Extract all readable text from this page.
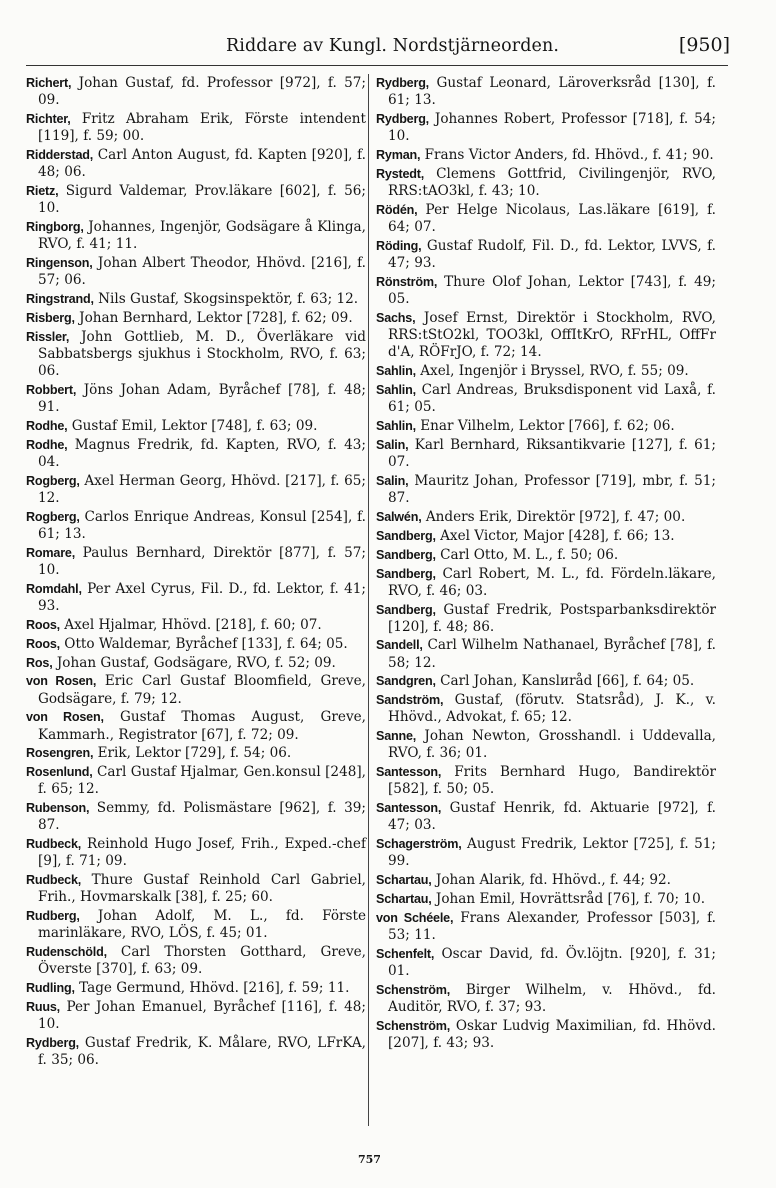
Riddare av Kungl. Nordstjärneorden.	[950]

Richert, Johan Gustaf, fd. Professor [972], f. 57; 09.

Richter, Fritz Abraham Erik, Förste intendent [119], f. 59; 00.

Ridderstad, Carl Anton August, fd. Kapten [920], f. 48; 06.

Rietz, Sigurd Valdemar, Prov.läkare [602], f. 56; 10.

Ringborg, Johannes, Ingenjör, Godsägare å Klinga, RVO, f. 41; 11.

Ringenson, Johan Albert Theodor, Hhövd. [216], f. 57; 06.

Ringstrand, Nils Gustaf, Skogsinspektör, f. 63; 12.

Risberg, Johan Bernhard, Lektor [728], f. 62; 09.

Rissler, John Gottlieb, M. D., Överläkare vid Sabbatsbergs sjukhus i Stockholm, RVO, f. 63; 06.

Robbert, Jöns Johan Adam, Byråchef [78], f. 48; 91.

Rodhe, Gustaf Emil, Lektor [748], f. 63; 09.

Rodhe, Magnus Fredrik, fd. Kapten, RVO, f. 43; 04.

Rogberg, Axel Herman Georg, Hhövd. [217], f. 65; 12.

Rogberg, Carlos Enrique Andreas, Konsul [254], f. 61; 13.

Romare, Paulus Bernhard, Direktör [877], f. 57; 10.

Romdahl, Per Axel Cyrus, Fil. D., fd. Lektor, f. 41; 93.

Roos, Axel Hjalmar, Hhövd. [218], f. 60; 07.

Roos, Otto Waldemar, Byråchef [133], f. 64; 05.

Ros, Johan Gustaf, Godsägare, RVO, f. 52; 09.

von Rosen, Eric Carl Gustaf Bloomfield, Greve, Godsägare, f. 79; 12.

von Rosen, Gustaf Thomas August, Greve, Kammarh., Registrator [67], f. 72; 09.

Rosengren, Erik, Lektor [729], f. 54; 06.

Rosenlund, Carl Gustaf Hjalmar, Gen.konsul [248], f. 65; 12.

Rubenson, Semmy, fd. Polismästare [962], f. 39; 87.

Rudbeck, Reinhold Hugo Josef, Frih., Exped.-chef [9], f. 71; 09.

Rudbeck, Thure Gustaf Reinhold Carl Gabriel, Frih., Hovmarskalk [38], f. 25; 60.

Rudberg, Johan Adolf, M. L., fd. Förste marinläkare, RVO, LÖS, f. 45; 01.

Rudenschöld, Carl Thorsten Gotthard, Greve, Överste [370], f. 63; 09.

Rudling, Tage Germund, Hhövd. [216], f. 59; 11.

Ruus, Per Johan Emanuel, Byråchef [116], f. 48; 10.

Rydberg, Gustaf Fredrik, K. Målare, RVO, LFrKA, f. 35; 06.

Rydberg, Gustaf Leonard, Läroverksråd [130], f. 61; 13.

Rydberg, Johannes Robert, Professor [718], f. 54; 10.

Ryman, Frans Victor Anders, fd. Hhövd., f. 41; 90.

Rystedt, Clemens Gottfrid, Civilingenjör, RVO, RRS:tAO3kl, f. 43; 10.

Rödén, Per Helge Nicolaus, Las.läkare [619], f. 64; 07.

Röding, Gustaf Rudolf, Fil. D., fd. Lektor, LVVS, f. 47; 93.

Rönström, Thure Olof Johan, Lektor [743], f. 49; 05.

Sachs, Josef Ernst, Direktör i Stockholm, RVO, RRS:tStO2kl, TOO3kl, OffItKrO, RFrHL, OffFr d'A, RÖFrJO, f. 72; 14.

Sahlin, Axel, Ingenjör i Bryssel, RVO, f. 55; 09.

Sahlin, Carl Andreas, Bruksdisponent vid Laxå, f. 61; 05.

Sahlin, Enar Vilhelm, Lektor [766], f. 62; 06.

Salin, Karl Bernhard, Riksantikvarie [127], f. 61; 07.

Salin, Mauritz Johan, Professor [719], mbr, f. 51; 87.

Salwén, Anders Erik, Direktör [972], f. 47; 00.

Sandberg, Axel Victor, Major [428], f. 66; 13.

Sandberg, Carl Otto, M. L., f. 50; 06.

Sandberg, Carl Robert, M. L., fd. Fördeln.läkare, RVO, f. 46; 03.

Sandberg, Gustaf Fredrik, Postsparbanksdirektör [120], f. 48; 86.

Sandell, Carl Wilhelm Nathanael, Byråchef [78], f. 58; 12.

Sandgren, Carl Johan, Kanslиråd [66], f. 64; 05.

Sandström, Gustaf, (förutv. Statsråd), J. K., v. Hhövd., Advokat, f. 65; 12.

Sanne, Johan Newton, Grosshandl. i Uddevalla, RVO, f. 36; 01.

Santesson, Frits Bernhard Hugo, Bandirektör [582], f. 50; 05.

Santesson, Gustaf Henrik, fd. Aktuarie [972], f. 47; 03.

Schagerström, August Fredrik, Lektor [725], f. 51; 99.

Schartau, Johan Alarik, fd. Hhövd., f. 44; 92.

Schartau, Johan Emil, Hovrättsråd [76], f. 70; 10.

von Schéele, Frans Alexander, Professor [503], f. 53; 11.

Schenfelt, Oscar David, fd. Öv.löjtn. [920], f. 31; 01.

Schenström, Birger Wilhelm, v. Hhövd., fd. Auditör, RVO, f. 37; 93.

Schenström, Oskar Ludvig Maximilian, fd. Hhövd. [207], f. 43; 93.

757
